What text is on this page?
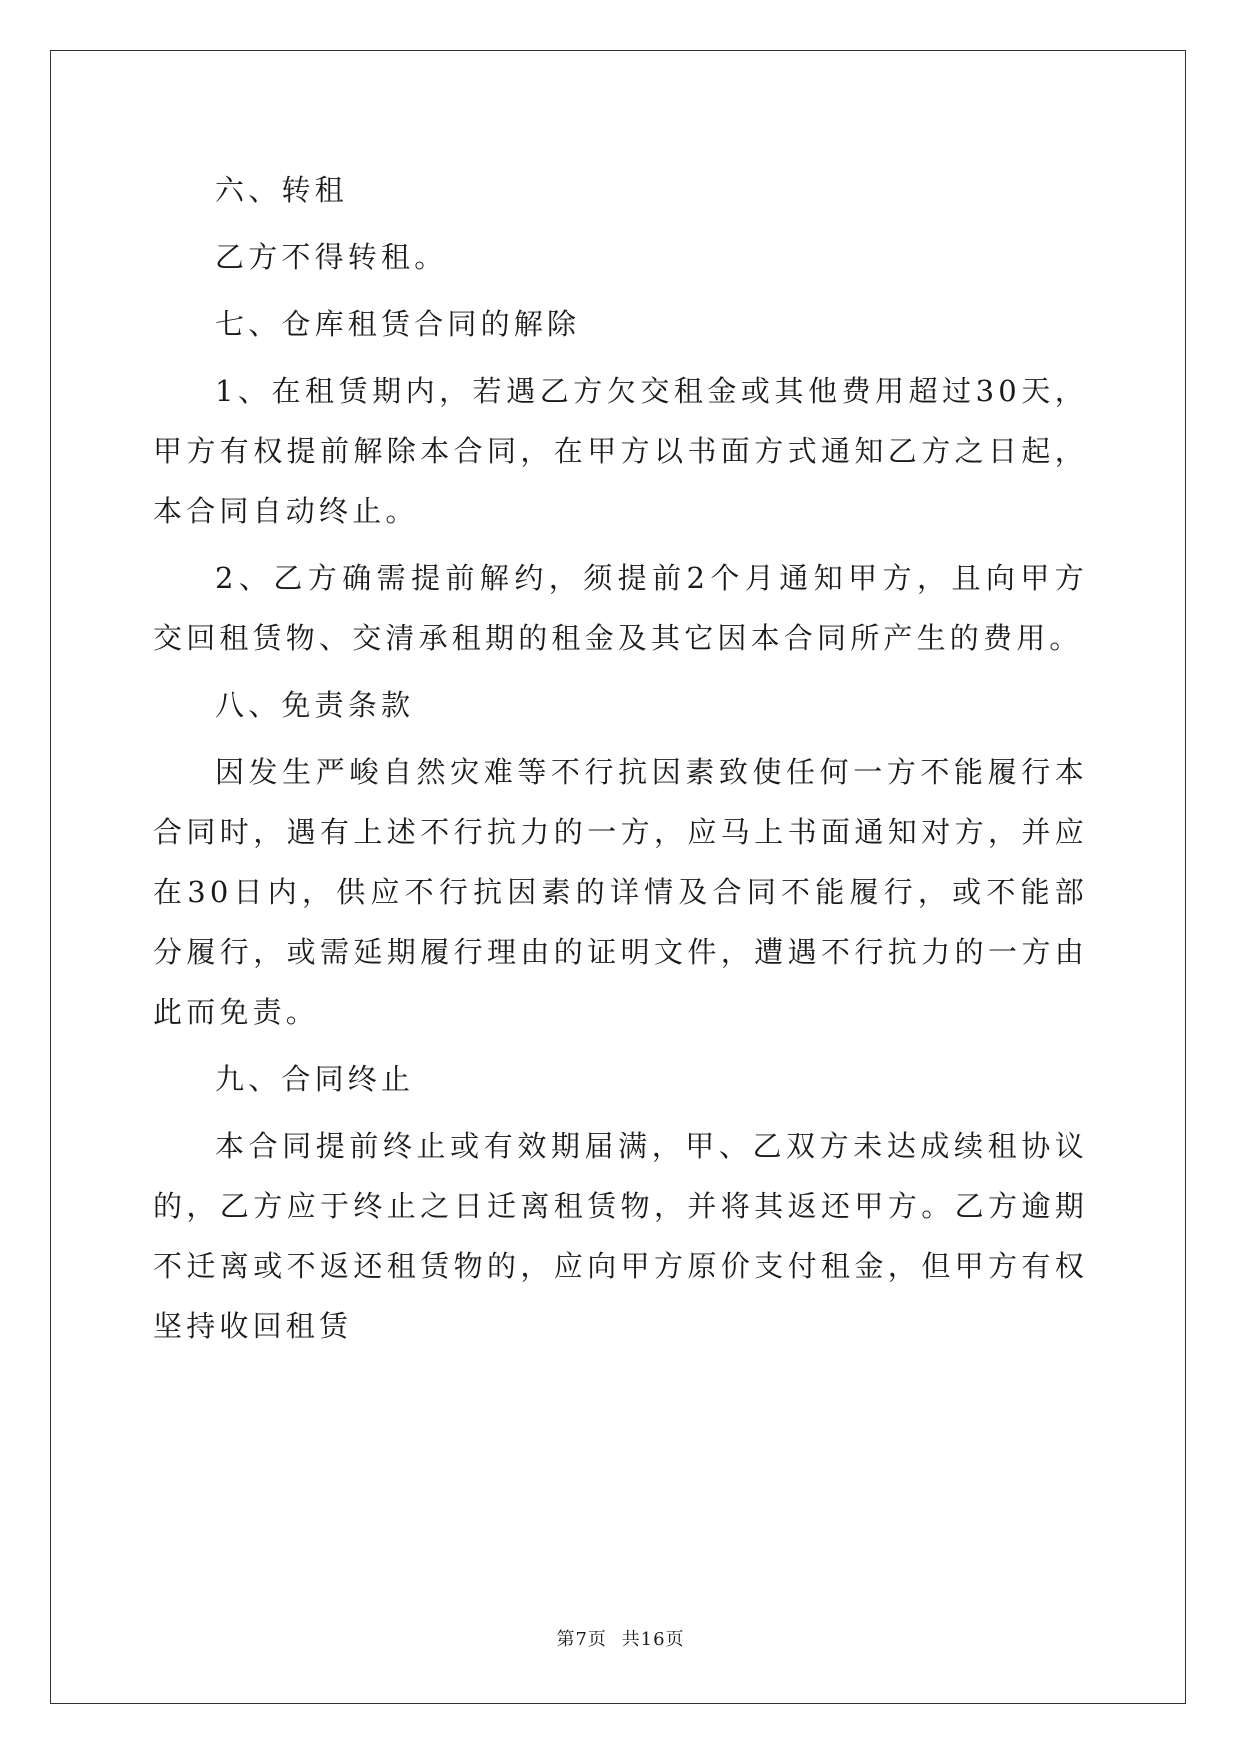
六、转租

乙方不得转租。

七、仓库租赁合同的解除

1、在租赁期内，若遇乙方欠交租金或其他费用超过30天，甲方有权提前解除本合同，在甲方以书面方式通知乙方之日起，本合同自动终止。

2、乙方确需提前解约，须提前2个月通知甲方，且向甲方交回租赁物、交清承租期的租金及其它因本合同所产生的费用。

八、免责条款

因发生严峻自然灾难等不行抗因素致使任何一方不能履行本合同时，遇有上述不行抗力的一方，应马上书面通知对方，并应在30日内，供应不行抗因素的详情及合同不能履行，或不能部分履行，或需延期履行理由的证明文件，遭遇不行抗力的一方由此而免责。

九、合同终止

本合同提前终止或有效期届满，甲、乙双方未达成续租协议的，乙方应于终止之日迁离租赁物，并将其返还甲方。乙方逾期不迁离或不返还租赁物的，应向甲方原价支付租金，但甲方有权坚持收回租赁

第7页 共16页
